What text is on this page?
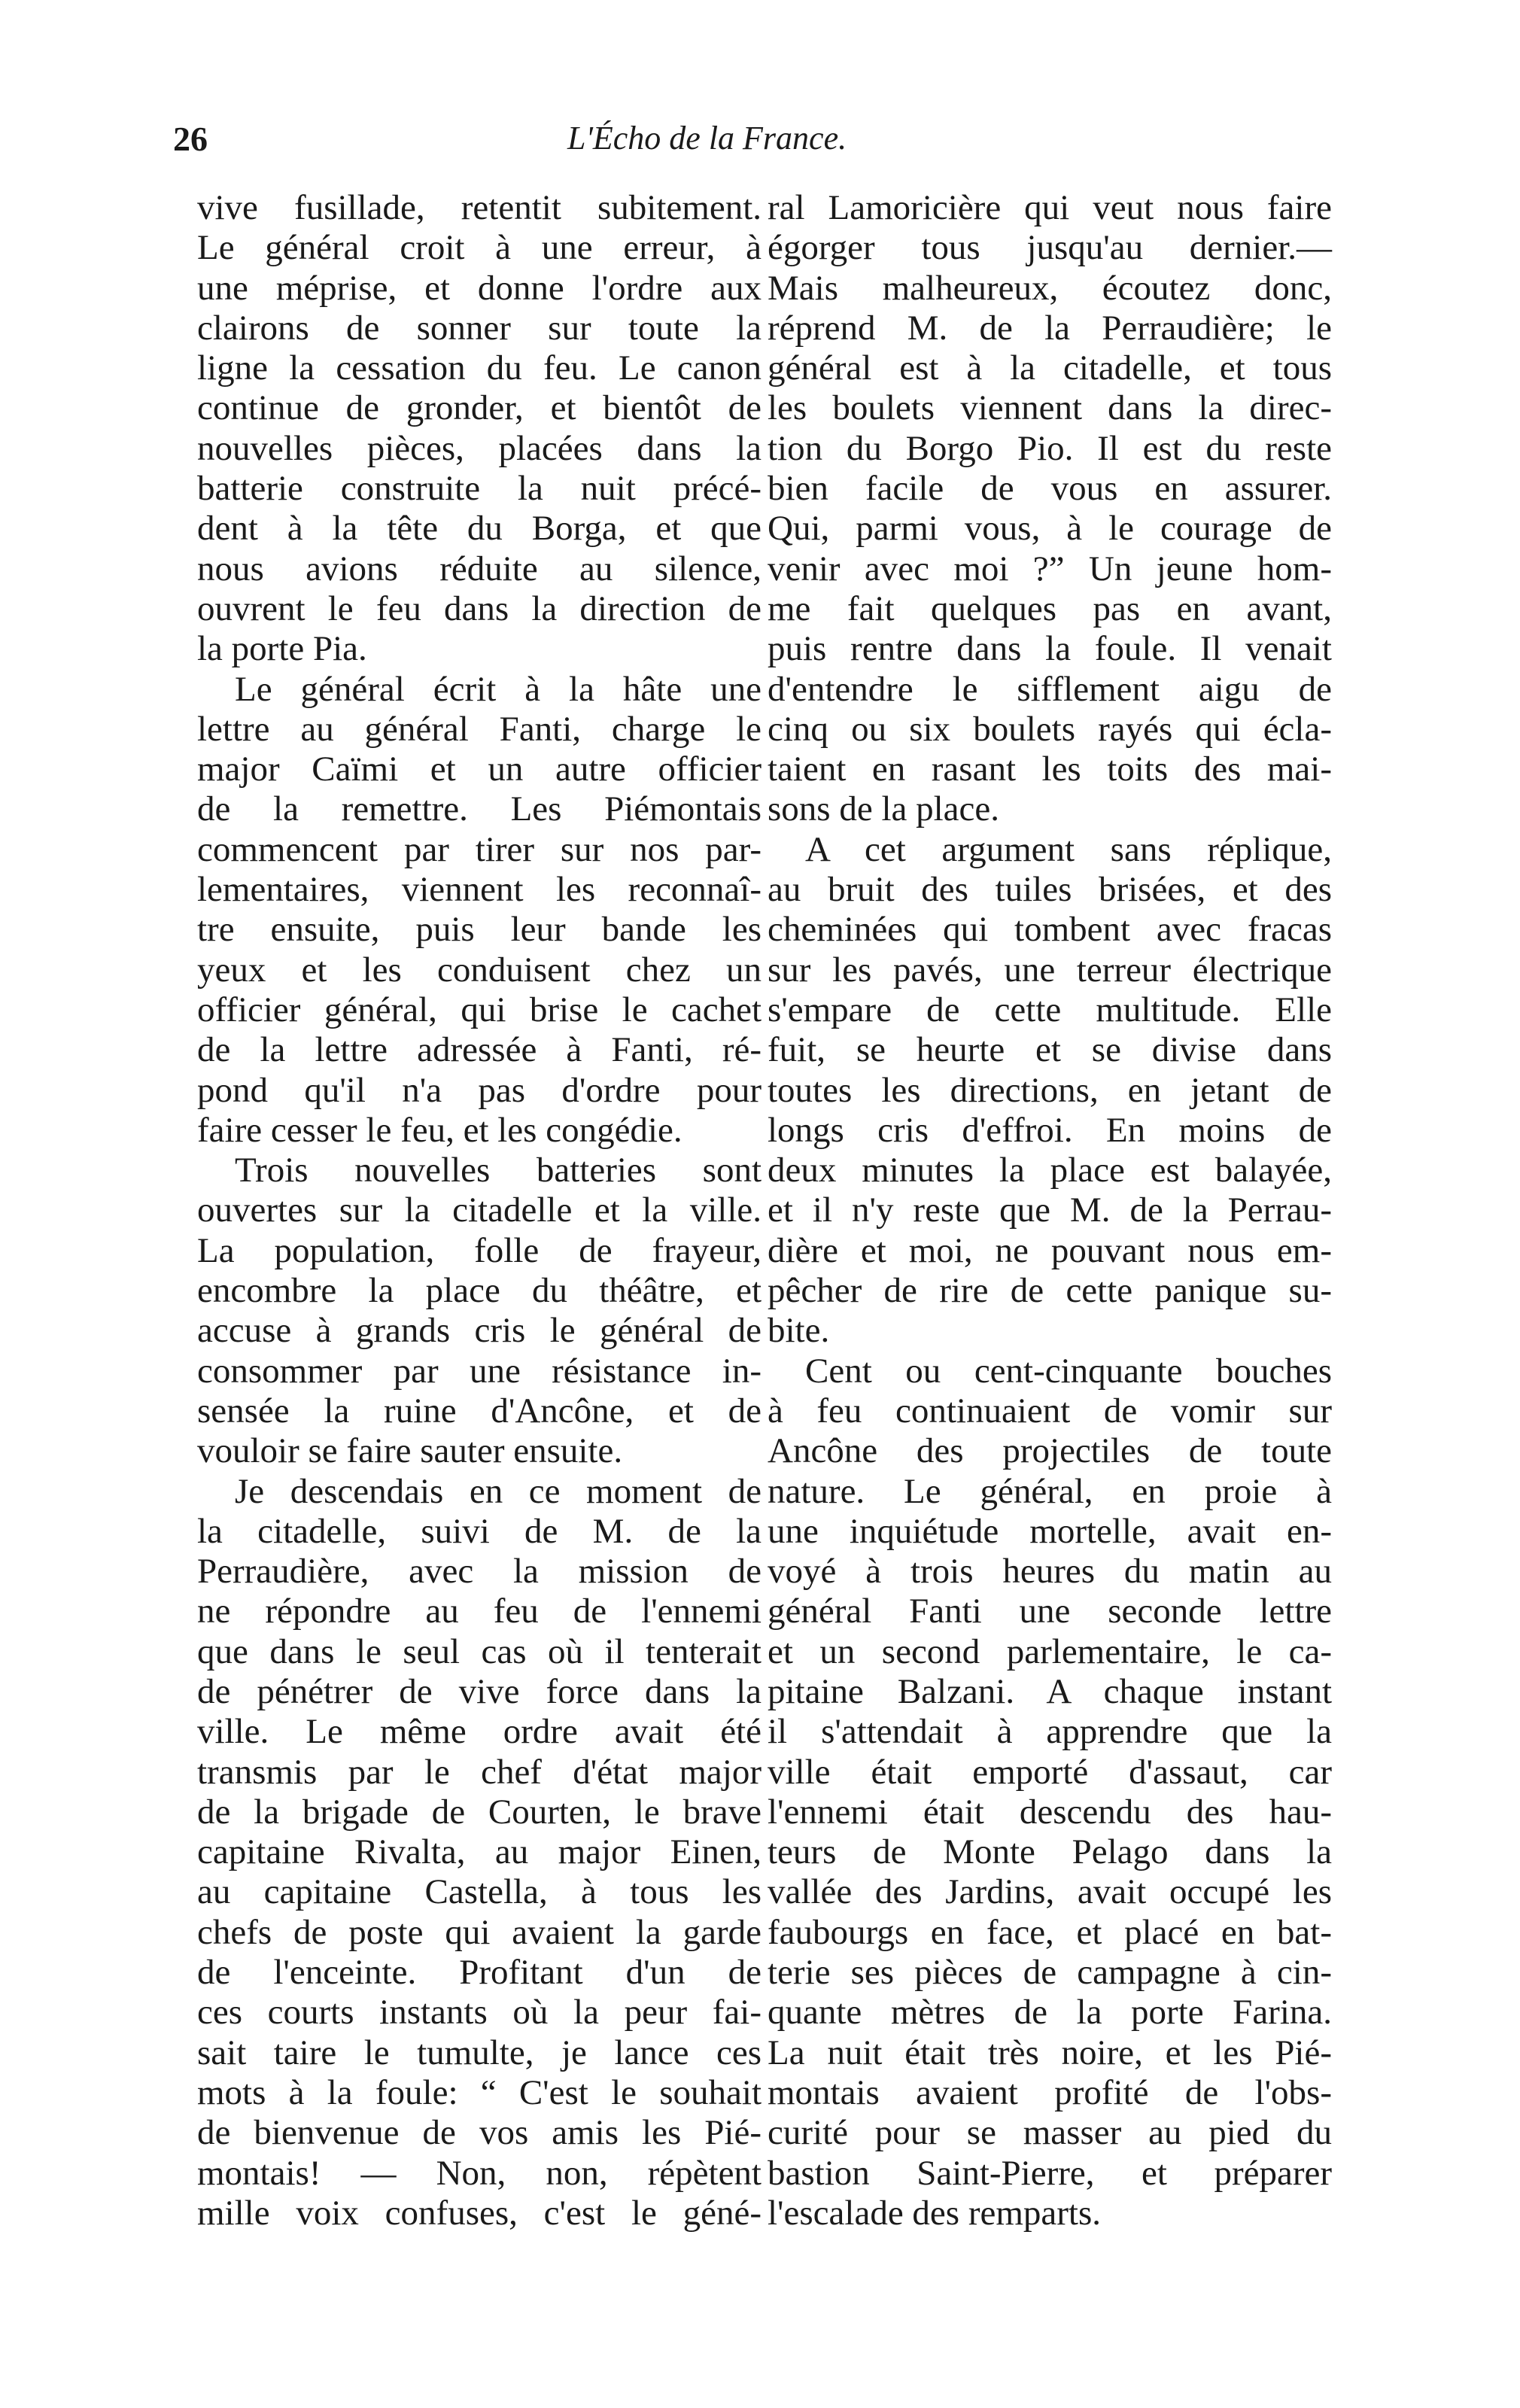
26	L'Écho de la France.
vive fusillade, retentit subitement.
Le général croit à une erreur, à
une méprise, et donne l'ordre aux
clairons de sonner sur toute la
ligne la cessation du feu. Le canon
continue de gronder, et bientôt de
nouvelles pièces, placées dans la
batterie construite la nuit précé-
dent à la tête du Borga, et que
nous avions réduite au silence,
ouvrent le feu dans la direction de
la porte Pia.
Le général écrit à la hâte une
lettre au général Fanti, charge le
major Caïmi et un autre officier
de la remettre. Les Piémontais
commencent par tirer sur nos par-
lementaires, viennent les reconnaî-
tre ensuite, puis leur bande les
yeux et les conduisent chez un
officier général, qui brise le cachet
de la lettre adressée à Fanti, ré-
pond qu'il n'a pas d'ordre pour
faire cesser le feu, et les congédie.
Trois nouvelles batteries sont
ouvertes sur la citadelle et la ville.
La population, folle de frayeur,
encombre la place du théâtre, et
accuse à grands cris le général de
consommer par une résistance in-
sensée la ruine d'Ancône, et de
vouloir se faire sauter ensuite.
Je descendais en ce moment de
la citadelle, suivi de M. de la
Perraudière, avec la mission de
ne répondre au feu de l'ennemi
que dans le seul cas où il tenterait
de pénétrer de vive force dans la
ville. Le même ordre avait été
transmis par le chef d'état major
de la brigade de Courten, le brave
capitaine Rivalta, au major Einen,
au capitaine Castella, à tous les
chefs de poste qui avaient la garde
de l'enceinte. Profitant d'un de
ces courts instants où la peur fai-
sait taire le tumulte, je lance ces
mots à la foule: “ C'est le souhait
de bienvenue de vos amis les Pié-
montais! — Non, non, répètent
mille voix confuses, c'est le géné-
ral Lamoricière qui veut nous faire
égorger tous jusqu'au dernier.—
Mais malheureux, écoutez donc,
réprend M. de la Perraudière; le
général est à la citadelle, et tous
les boulets viennent dans la direc-
tion du Borgo Pio. Il est du reste
bien facile de vous en assurer.
Qui, parmi vous, à le courage de
venir avec moi ?” Un jeune hom-
me fait quelques pas en avant,
puis rentre dans la foule. Il venait
d'entendre le sifflement aigu de
cinq ou six boulets rayés qui écla-
taient en rasant les toits des mai-
sons de la place.
A cet argument sans réplique,
au bruit des tuiles brisées, et des
cheminées qui tombent avec fracas
sur les pavés, une terreur électrique
s'empare de cette multitude. Elle
fuit, se heurte et se divise dans
toutes les directions, en jetant de
longs cris d'effroi. En moins de
deux minutes la place est balayée,
et il n'y reste que M. de la Perrau-
dière et moi, ne pouvant nous em-
pêcher de rire de cette panique su-
bite.
Cent ou cent-cinquante bouches
à feu continuaient de vomir sur
Ancône des projectiles de toute
nature. Le général, en proie à
une inquiétude mortelle, avait en-
voyé à trois heures du matin au
général Fanti une seconde lettre
et un second parlementaire, le ca-
pitaine Balzani. A chaque instant
il s'attendait à apprendre que la
ville était emporté d'assaut, car
l'ennemi était descendu des hau-
teurs de Monte Pelago dans la
vallée des Jardins, avait occupé les
faubourgs en face, et placé en bat-
terie ses pièces de campagne à cin-
quante mètres de la porte Farina.
La nuit était très noire, et les Pié-
montais avaient profité de l'obs-
curité pour se masser au pied du
bastion Saint-Pierre, et préparer
l'escalade des remparts.
